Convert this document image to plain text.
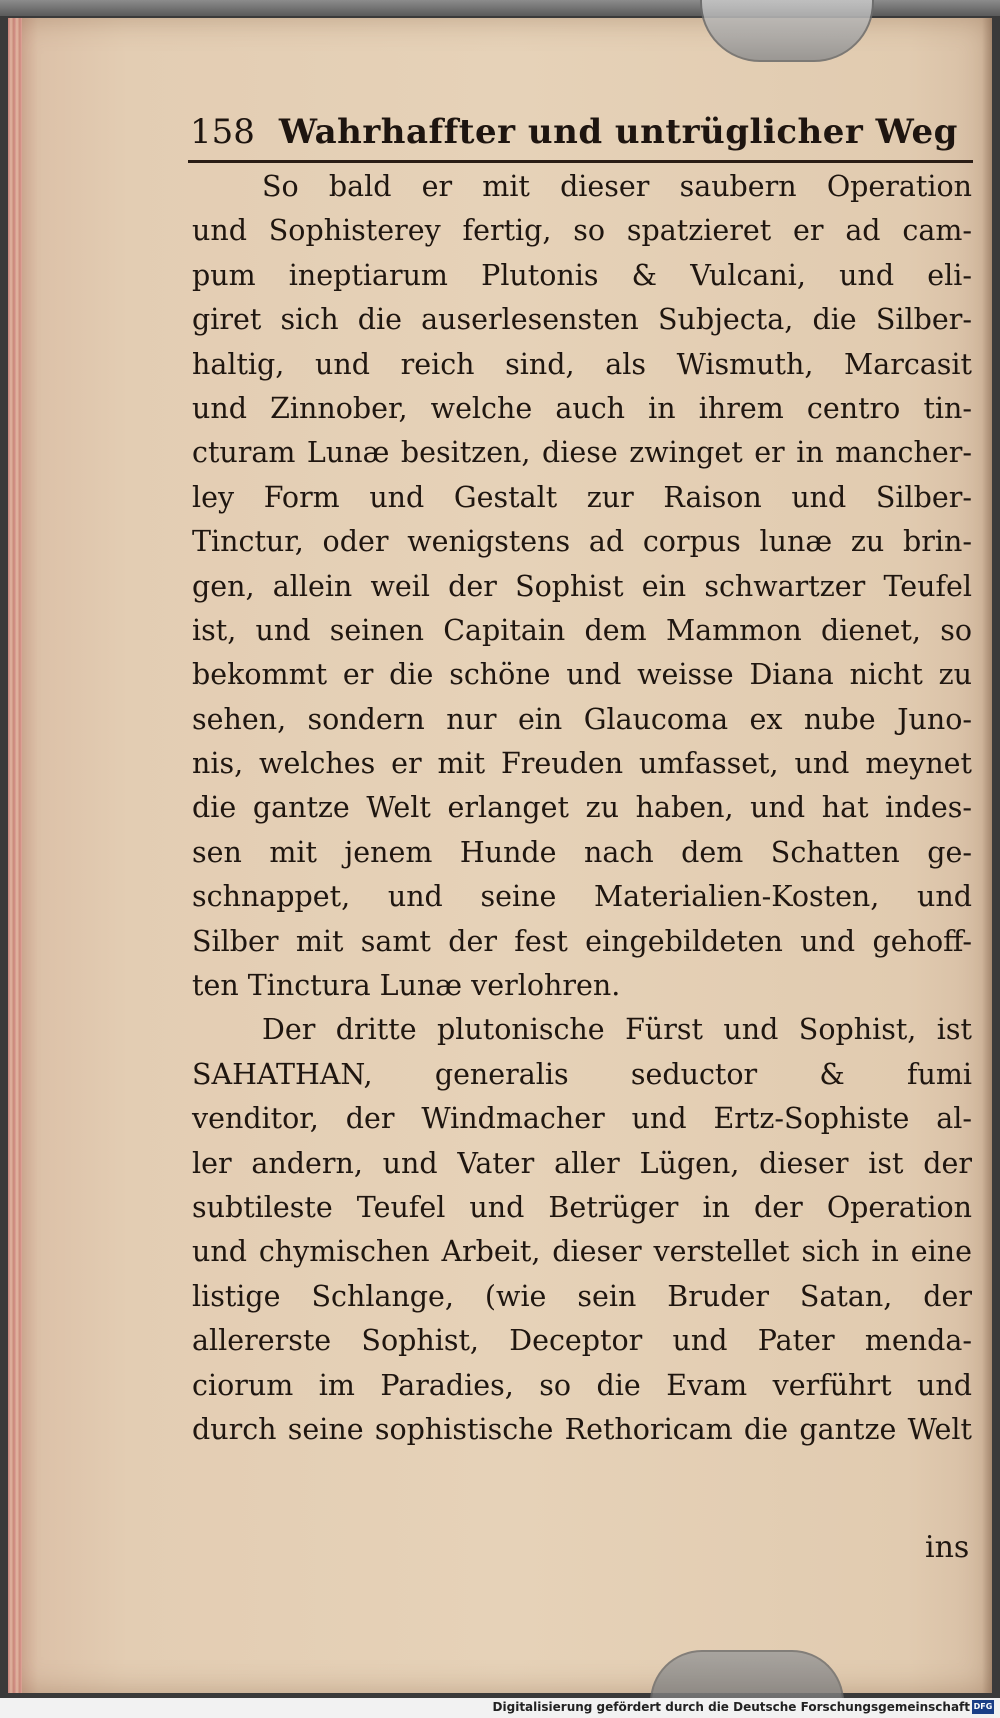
158 Wahrhaffter und untrüglicher Weg
So bald er mit dieser saubern Operation
und Sophisterey fertig, so spatzieret er ad cam-
pum ineptiarum Plutonis & Vulcani, und eli-
giret sich die auserlesensten Subjecta, die Silber-
haltig, und reich sind, als Wismuth, Marcasit
und Zinnober, welche auch in ihrem centro tin-
cturam Lunæ besitzen, diese zwinget er in mancher-
ley Form und Gestalt zur Raison und Silber-
Tinctur, oder wenigstens ad corpus lunæ zu brin-
gen, allein weil der Sophist ein schwartzer Teufel
ist, und seinen Capitain dem Mammon dienet, so
bekommt er die schöne und weisse Diana nicht zu
sehen, sondern nur ein Glaucoma ex nube Juno-
nis, welches er mit Freuden umfasset, und meynet
die gantze Welt erlanget zu haben, und hat indes-
sen mit jenem Hunde nach dem Schatten ge-
schnappet, und seine Materialien-Kosten, und
Silber mit samt der fest eingebildeten und gehoff-
ten Tinctura Lunæ verlohren.
Der dritte plutonische Fürst und Sophist, ist
SAHATHAN, generalis seductor & fumi
venditor, der Windmacher und Ertz-Sophiste al-
ler andern, und Vater aller Lügen, dieser ist der
subtileste Teufel und Betrüger in der Operation
und chymischen Arbeit, dieser verstellet sich in eine
listige Schlange, (wie sein Bruder Satan, der
allererste Sophist, Deceptor und Pater menda-
ciorum im Paradies, so die Evam verführt und
durch seine sophistische Rethoricam die gantze Welt
ins
Digitalisierung gefördert durch die Deutsche Forschungsgemeinschaft DFG
